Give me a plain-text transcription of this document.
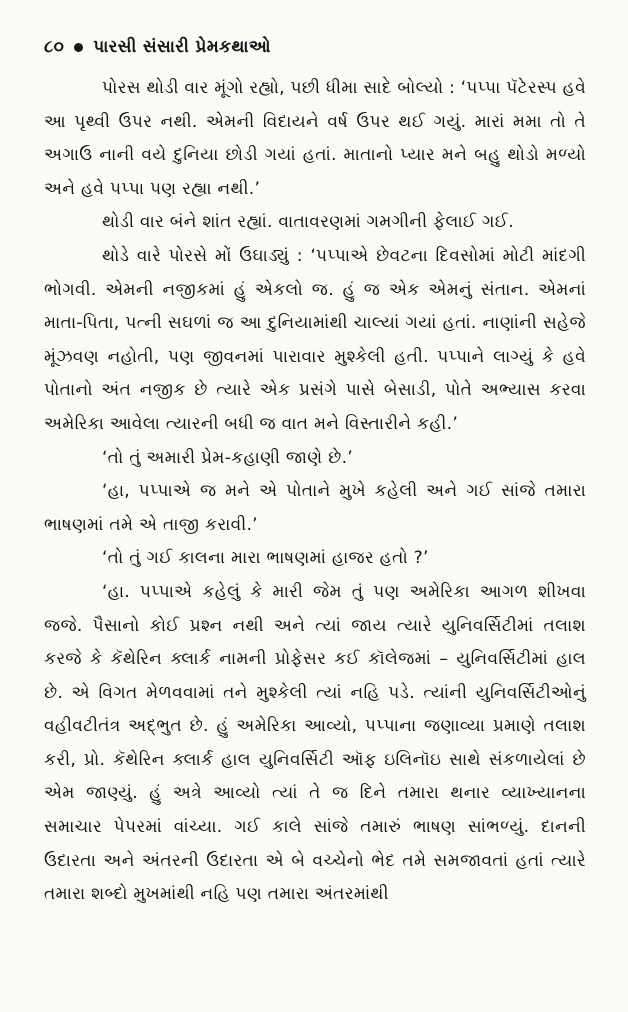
૮૦ પારસી સંસારી પ્રેમકથાઓ

પોરસ થોડી વાર મૂંગો રહ્યો, પછી ધીમા સાદે બોલ્યો : ‘પપ્પા પૅટેરસ્પ હવે આ પૃથ્વી ઉપર નથી. એમની વિદાયને વર્ષ ઉપર થઈ ગયું. મારાં મમા તો તે અગાઉ નાની વયે દુનિયા છોડી ગયાં હતાં. માતાનો પ્યાર મને બહુ થોડો મળ્યો અને હવે પપ્પા પણ રહ્યા નથી.’

થોડી વાર બંને શાંત રહ્યાં. વાતાવરણમાં ગમગીની ફેલાઈ ગઈ.

થોડે વારે પોરસે મોં ઉઘાડ્યું : ‘પપ્પાએ છેવટના દિવસોમાં મોટી માંદગી ભોગવી. એમની નજીકમાં હું એકલો જ. હું જ એક એમનું સંતાન. એમનાં માતા-પિતા, પત્ની સઘળાં જ આ દુનિયામાંથી ચાલ્યાં ગયાં હતાં. નાણાંની સહેજે મૂંઝવણ નહોતી, પણ જીવનમાં પારાવાર મુશ્કેલી હતી. પપ્પાને લાગ્યું કે હવે પોતાનો અંત નજીક છે ત્યારે એક પ્રસંગે પાસે બેસાડી, પોતે અભ્યાસ કરવા અમેરિકા આવેલા ત્યારની બધી જ વાત મને વિસ્તારીને કહી.’

‘તો તું અમારી પ્રેમ-કહાણી જાણે છે.’

‘હા, પપ્પાએ જ મને એ પોતાને મુખે કહેલી અને ગઈ સાંજે તમારા ભાષણમાં તમે એ તાજી કરાવી.’

‘તો તું ગઈ કાલના મારા ભાષણમાં હાજર હતો ?’

‘હા. પપ્પાએ કહેલું કે મારી જેમ તું પણ અમેરિકા આગળ શીખવા જજે. પૈસાનો કોઈ પ્રશ્ન નથી અને ત્યાં જાય ત્યારે યુનિવર્સિટીમાં તલાશ કરજે કે કૅથેરિન ક્લાર્ક નામની પ્રોફેસર કઈ કૉલેજમાં – યુનિવર્સિટીમાં હાલ છે. એ વિગત મેળવવામાં તને મુશ્કેલી ત્યાં નહિ પડે. ત્યાંની યુનિવર્સિટીઓનું વહીવટીતંત્ર અદ્ભુત છે. હું અમેરિકા આવ્યો, પપ્પાના જણાવ્યા પ્રમાણે તલાશ કરી, પ્રો. કૅથેરિન ક્લાર્ક હાલ યુનિવર્સિટી ઑફ ઇલિનૉઇ સાથે સંકળાયેલાં છે એમ જાણ્યું. હું અત્રે આવ્યો ત્યાં તે જ દિને તમારા થનાર વ્યાખ્યાનના સમાચાર પેપરમાં વાંચ્યા. ગઈ કાલે સાંજે તમારું ભાષણ સાંભળ્યું. દાનની ઉદારતા અને અંતરની ઉદારતા એ બે વચ્ચેનો ભેદ તમે સમજાવતાં હતાં ત્યારે તમારા શબ્દો મુખમાંથી નહિ પણ તમારા અંતરમાંથી
